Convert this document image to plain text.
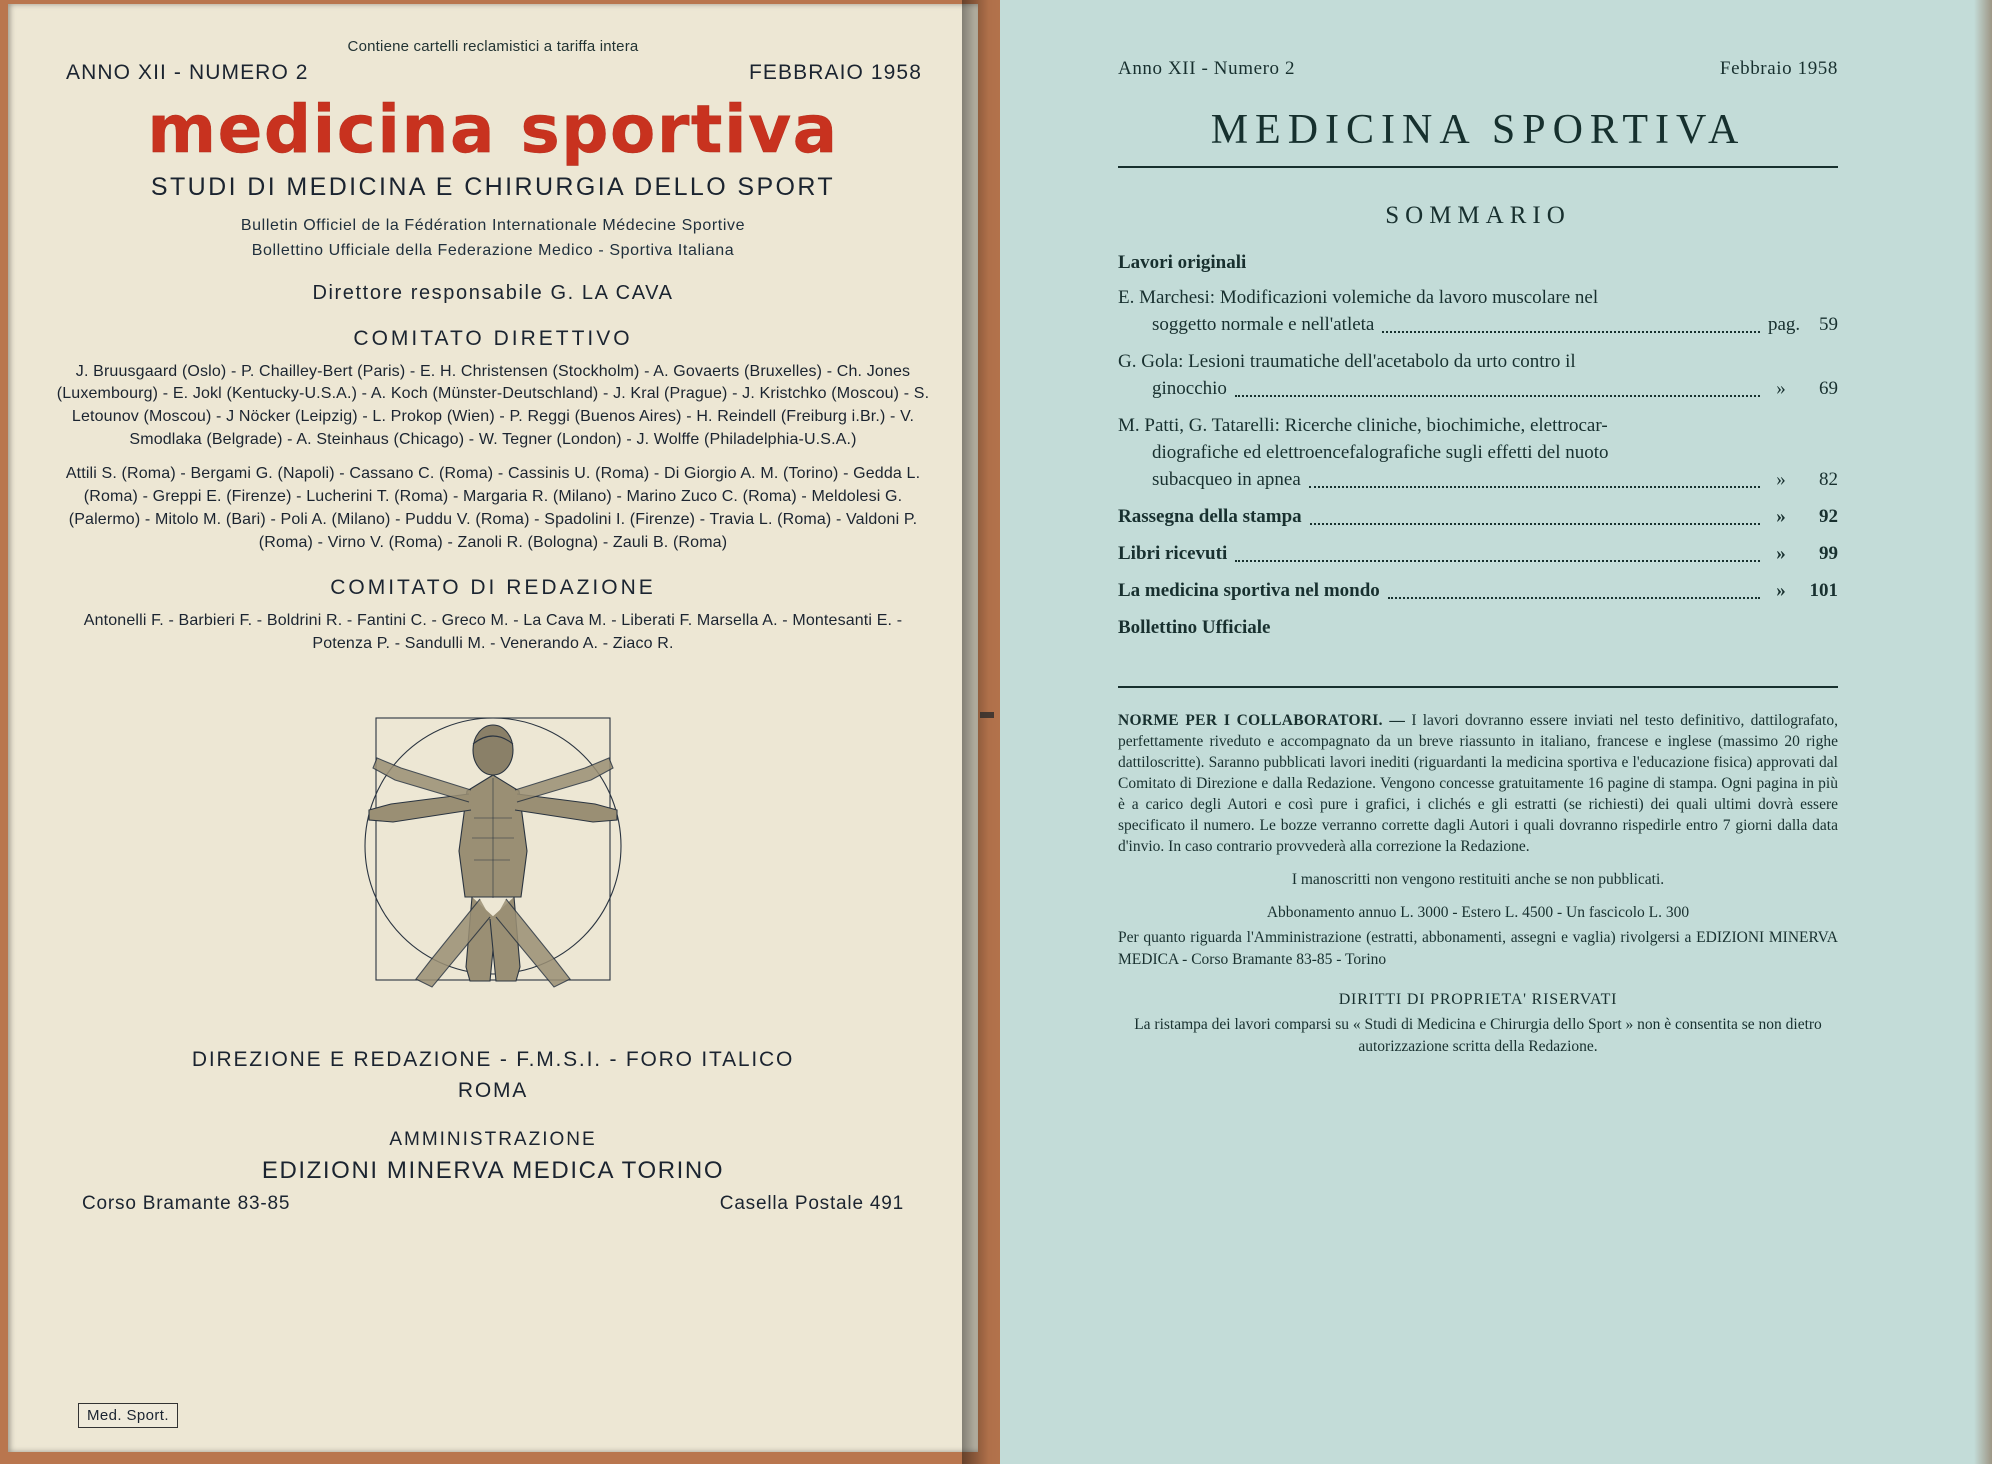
Contiene cartelli reclamistici a tariffa intera
ANNO XII - NUMERO 2	FEBBRAIO 1958
medicina sportiva
STUDI DI MEDICINA E CHIRURGIA DELLO SPORT
Bulletin Officiel de la Fédération Internationale Médecine Sportive
Bollettino Ufficiale della Federazione Medico - Sportiva Italiana
Direttore responsabile G. LA CAVA
COMITATO DIRETTIVO

J. Bruusgaard (Oslo) - P. Chailley-Bert (Paris) - E. H. Christensen (Stockholm) - A. Govaerts (Bruxelles) - Ch. Jones (Luxembourg) - E. Jokl (Kentucky-U.S.A.) - A. Koch (Münster-Deutschland) - J. Kral (Prague) - J. Kristchko (Moscou) - S. Letounov (Moscou) - J Nöcker (Leipzig) - L. Prokop (Wien) - P. Reggi (Buenos Aires) - H. Reindell (Freiburg i.Br.) - V. Smodlaka (Belgrade) - A. Steinhaus (Chicago) - W. Tegner (London) - J. Wolffe (Philadelphia-U.S.A.)

Attili S. (Roma) - Bergami G. (Napoli) - Cassano C. (Roma) - Cassinis U. (Roma) - Di Giorgio A. M. (Torino) - Gedda L. (Roma) - Greppi E. (Firenze) - Lucherini T. (Roma) - Margaria R. (Milano) - Marino Zuco C. (Roma) - Meldolesi G. (Palermo) - Mitolo M. (Bari) - Poli A. (Milano) - Puddu V. (Roma) - Spadolini I. (Firenze) - Travia L. (Roma) - Valdoni P. (Roma) - Virno V. (Roma) - Zanoli R. (Bologna) - Zauli B. (Roma)

COMITATO DI REDAZIONE

Antonelli F. - Barbieri F. - Boldrini R. - Fantini C. - Greco M. - La Cava M. - Liberati F. Marsella A. - Montesanti E. - Potenza P. - Sandulli M. - Venerando A. - Ziaco R.

DIREZIONE E REDAZIONE - F.M.S.I. - FORO ITALICO
ROMA
AMMINISTRAZIONE
EDIZIONI MINERVA MEDICA TORINO
Corso Bramante 83-85	Casella Postale 491
Med. Sport.
Anno XII - Numero 2	Febbraio 1958
MEDICINA SPORTIVA
SOMMARIO
Lavori originali
E. Marchesi: Modificazioni volemiche da lavoro muscolare nel
soggetto normale e nell'atleta	pag. 59
G. Gola: Lesioni traumatiche dell'acetabolo da urto contro il
ginocchio	»	69
M. Patti, G. Tatarelli: Ricerche cliniche, biochimiche, elettrocar-
diografiche ed elettroencefalografiche sugli effetti del nuoto
subacqueo in apnea	»	82
Rassegna della stampa	»	92
Libri ricevuti	»	99
La medicina sportiva nel mondo	»	101
Bollettino Ufficiale

NORME PER I COLLABORATORI. — I lavori dovranno essere inviati nel testo definitivo, dattilografato, perfettamente riveduto e accompagnato da un breve riassunto in italiano, francese e inglese (massimo 20 righe dattiloscritte). Saranno pubblicati lavori inediti (riguardanti la medicina sportiva e l'educazione fisica) approvati dal Comitato di Direzione e dalla Redazione. Vengono concesse gratuitamente 16 pagine di stampa. Ogni pagina in più è a carico degli Autori e così pure i grafici, i clichés e gli estratti (se richiesti) dei quali ultimi dovrà essere specificato il numero. Le bozze verranno corrette dagli Autori i quali dovranno rispedirle entro 7 giorni dalla data d'invio. In caso contrario provvederà alla correzione la Redazione.

I manoscritti non vengono restituiti anche se non pubblicati.

Abbonamento annuo L. 3000 - Estero L. 4500 - Un fascicolo L. 300

Per quanto riguarda l'Amministrazione (estratti, abbonamenti, assegni e vaglia) rivolgersi a EDIZIONI MINERVA MEDICA - Corso Bramante 83-85 - Torino

DIRITTI DI PROPRIETA' RISERVATI
La ristampa dei lavori comparsi su « Studi di Medicina e Chirurgia dello Sport » non è consentita se non dietro autorizzazione scritta della Redazione.
